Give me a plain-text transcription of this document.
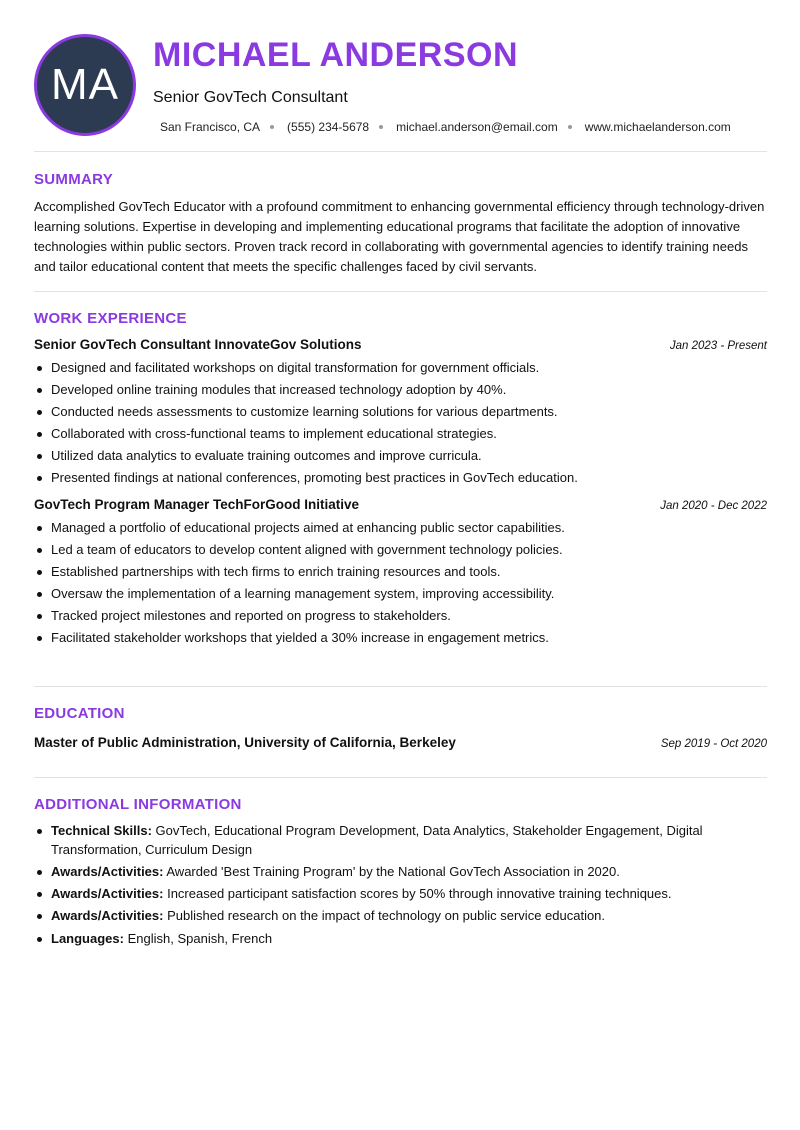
MA
MICHAEL ANDERSON
Senior GovTech Consultant
San Francisco, CA (555) 234-5678 michael.anderson@email.com www.michaelanderson.com
SUMMARY

Accomplished GovTech Educator with a profound commitment to enhancing governmental efficiency through technology-driven learning solutions. Expertise in developing and implementing educational programs that facilitate the adoption of innovative technologies within public sectors. Proven track record in collaborating with governmental agencies to identify training needs and tailor educational content that meets the specific challenges faced by civil servants.

WORK EXPERIENCE
Senior GovTech Consultant InnovateGov Solutions	Jan 2023 - Present
Designed and facilitated workshops on digital transformation for government officials.
Developed online training modules that increased technology adoption by 40%.
Conducted needs assessments to customize learning solutions for various departments.
Collaborated with cross-functional teams to implement educational strategies.
Utilized data analytics to evaluate training outcomes and improve curricula.
Presented findings at national conferences, promoting best practices in GovTech education.
GovTech Program Manager TechForGood Initiative	Jan 2020 - Dec 2022
Managed a portfolio of educational projects aimed at enhancing public sector capabilities.
Led a team of educators to develop content aligned with government technology policies.
Established partnerships with tech firms to enrich training resources and tools.
Oversaw the implementation of a learning management system, improving accessibility.
Tracked project milestones and reported on progress to stakeholders.
Facilitated stakeholder workshops that yielded a 30% increase in engagement metrics.
EDUCATION
Master of Public Administration, University of California, Berkeley	Sep 2019 - Oct 2020
ADDITIONAL INFORMATION
Technical Skills: GovTech, Educational Program Development, Data Analytics, Stakeholder Engagement, Digital Transformation, Curriculum Design
Awards/Activities: Awarded 'Best Training Program' by the National GovTech Association in 2020.
Awards/Activities: Increased participant satisfaction scores by 50% through innovative training techniques.
Awards/Activities: Published research on the impact of technology on public service education.
Languages: English, Spanish, French
